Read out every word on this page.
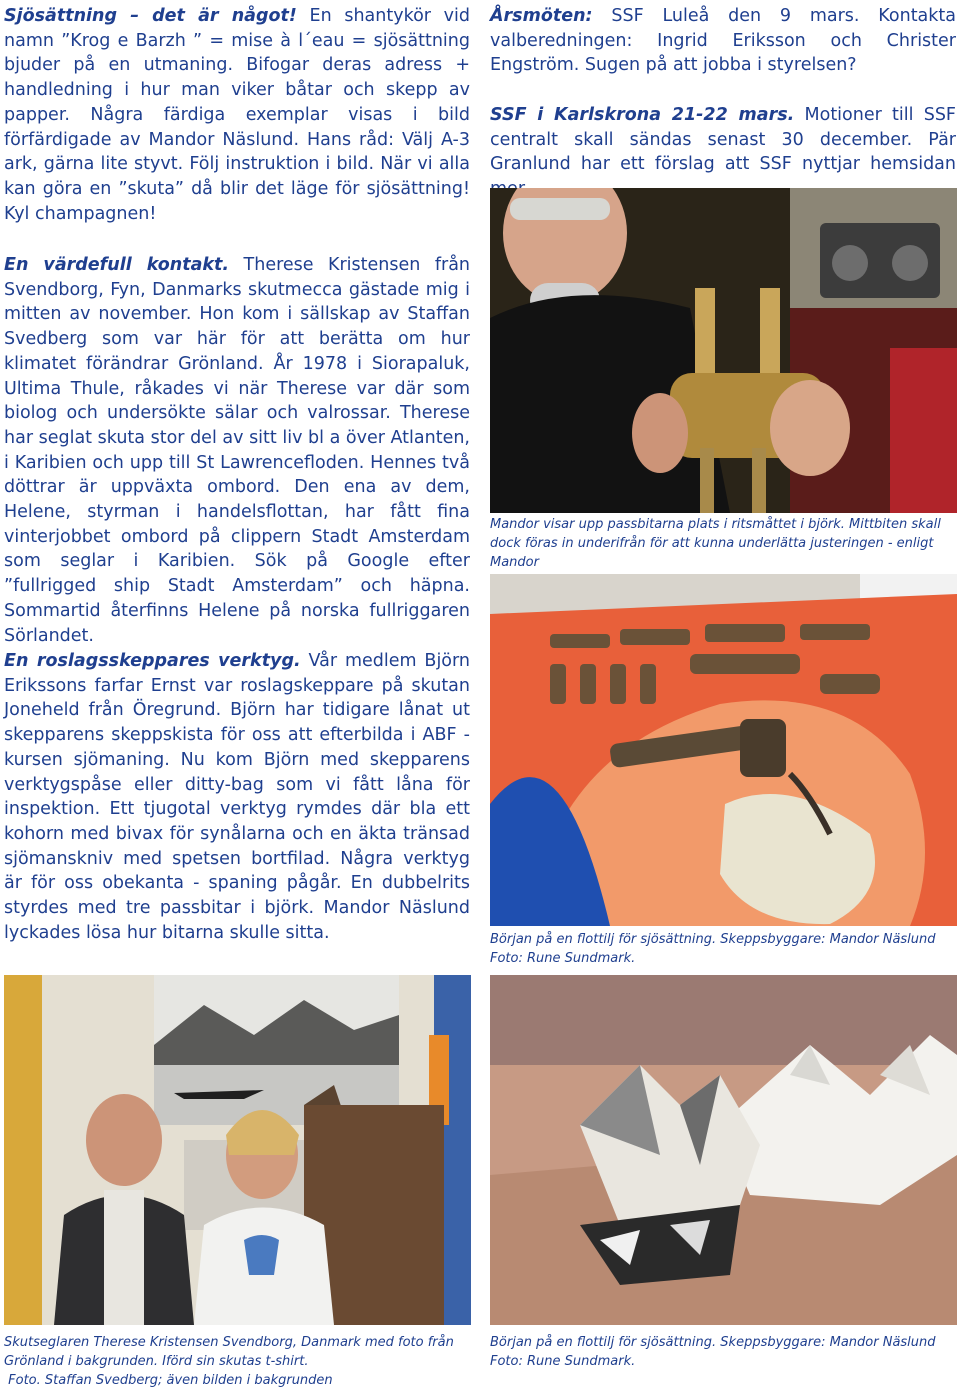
Sjösättning – det är något! En shantykör vid namn ”Krog e Barzh ” = mise à l´eau = sjösättning bjuder på en utmaning. Bifogar deras adress + handledning i hur man viker båtar och skepp av papper. Några färdiga exemplar visas i bild förfärdigade av Mandor Näslund. Hans råd: Välj A-3 ark, gärna lite styvt. Följ instruktion i bild. När vi alla kan göra en ”skuta” då blir det läge för sjösättning! Kyl champagnen!

En värdefull kontakt. Therese Kristensen från Svendborg, Fyn, Danmarks skutmecca gästade mig i mitten av november. Hon kom i sällskap av Staffan Svedberg som var här för att berätta om hur klimatet förändrar Grönland. År 1978 i Siorapaluk, Ultima Thule, råkades vi när Therese var där som biolog och undersökte sälar och valrossar. Therese har seglat skuta stor del av sitt liv bl a över Atlanten, i Karibien och upp till St Lawrencefloden. Hennes två döttrar är uppväxta ombord. Den ena av dem, Helene, styrman i handelsflottan, har fått fina vinterjobbet ombord på clippern Stadt Amsterdam som seglar i Karibien. Sök på Google efter ”fullrigged ship Stadt Amsterdam” och häpna. Sommartid återfinns Helene på norska fullriggaren Sörlandet.

En roslagsskeppares verktyg. Vår medlem Björn Erikssons farfar Ernst var roslagskeppare på skutan Joneheld från Öregrund. Björn har tidigare lånat ut skepparens skeppskista för oss att efterbilda i ABF - kursen sjömaning. Nu kom Björn med skepparens verktygspåse eller ditty-bag som vi fått låna för inspektion. Ett tjugotal verktyg rymdes där bla ett kohorn med bivax för synålarna och en äkta tränsad sjömanskniv med spetsen bortfilad. Några verktyg är för oss obekanta - spaning pågår. En dubbelrits styrdes med tre passbitar i björk. Mandor Näslund lyckades lösa hur bitarna skulle sitta.

Årsmöten: SSF Luleå den 9 mars. Kontakta valberedningen: Ingrid Eriksson och Christer Engström. Sugen på att jobba i styrelsen?

SSF i Karlskrona 21-22 mars. Motioner till SSF centralt skall sändas senast 30 december. Pär Granlund har ett förslag att SSF nyttjar hemsidan

Mandor visar upp passbitarna plats i ritsmåttet i björk. Mittbiten skall dock föras in underifrån för att kunna underlätta justeringen - enligt Mandor

Början på en flottilj för sjösättning. Skeppsbyggare: Mandor Näslund Foto: Rune Sundmark.

Skutseglaren Therese Kristensen Svendborg, Danmark med foto från Grönland i bakgrunden. Iförd sin skutas t-shirt.
Foto. Staffan Svedberg; även bilden i bakgrunden

Början på en flottilj för sjösättning. Skeppsbyggare: Mandor Näslund Foto: Rune Sundmark.
